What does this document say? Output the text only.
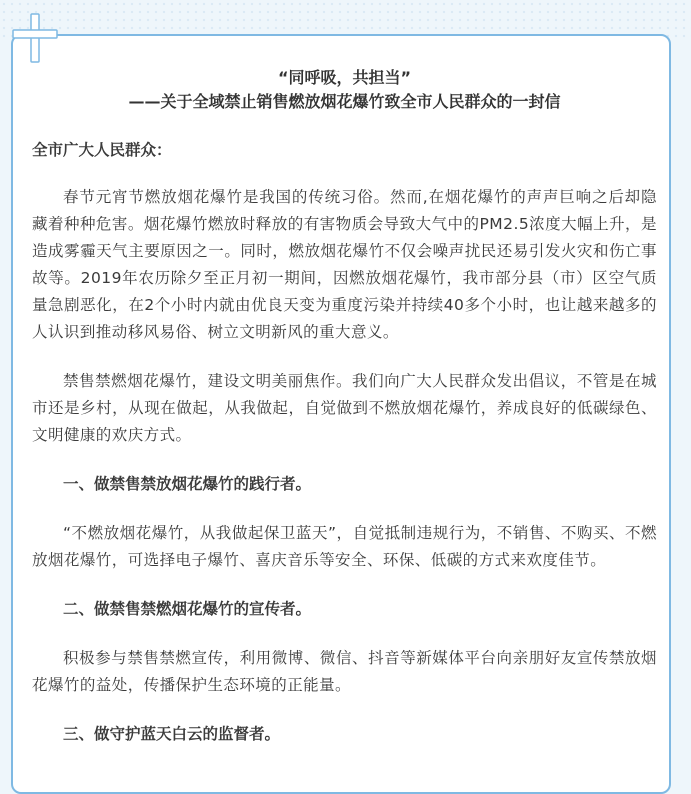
“同呼吸，共担当”
——关于全域禁止销售燃放烟花爆竹致全市人民群众的一封信
全市广大人民群众：
春节元宵节燃放烟花爆竹是我国的传统习俗。然而,在烟花爆竹的声声巨响之后却隐藏着种种危害。烟花爆竹燃放时释放的有害物质会导致大气中的PM2.5浓度大幅上升，是造成雾霾天气主要原因之一。同时，燃放烟花爆竹不仅会噪声扰民还易引发火灾和伤亡事故等。2019年农历除夕至正月初一期间，因燃放烟花爆竹，我市部分县（市）区空气质量急剧恶化，在2个小时内就由优良天变为重度污染并持续40多个小时，也让越来越多的人认识到推动移风易俗、树立文明新风的重大意义。
禁售禁燃烟花爆竹，建设文明美丽焦作。我们向广大人民群众发出倡议，不管是在城市还是乡村，从现在做起，从我做起，自觉做到不燃放烟花爆竹，养成良好的低碳绿色、文明健康的欢庆方式。
一、做禁售禁放烟花爆竹的践行者。
“不燃放烟花爆竹，从我做起保卫蓝天”，自觉抵制违规行为，不销售、不购买、不燃放烟花爆竹，可选择电子爆竹、喜庆音乐等安全、环保、低碳的方式来欢度佳节。
二、做禁售禁燃烟花爆竹的宣传者。
积极参与禁售禁燃宣传，利用微博、微信、抖音等新媒体平台向亲朋好友宣传禁放烟花爆竹的益处，传播保护生态环境的正能量。
三、做守护蓝天白云的监督者。
